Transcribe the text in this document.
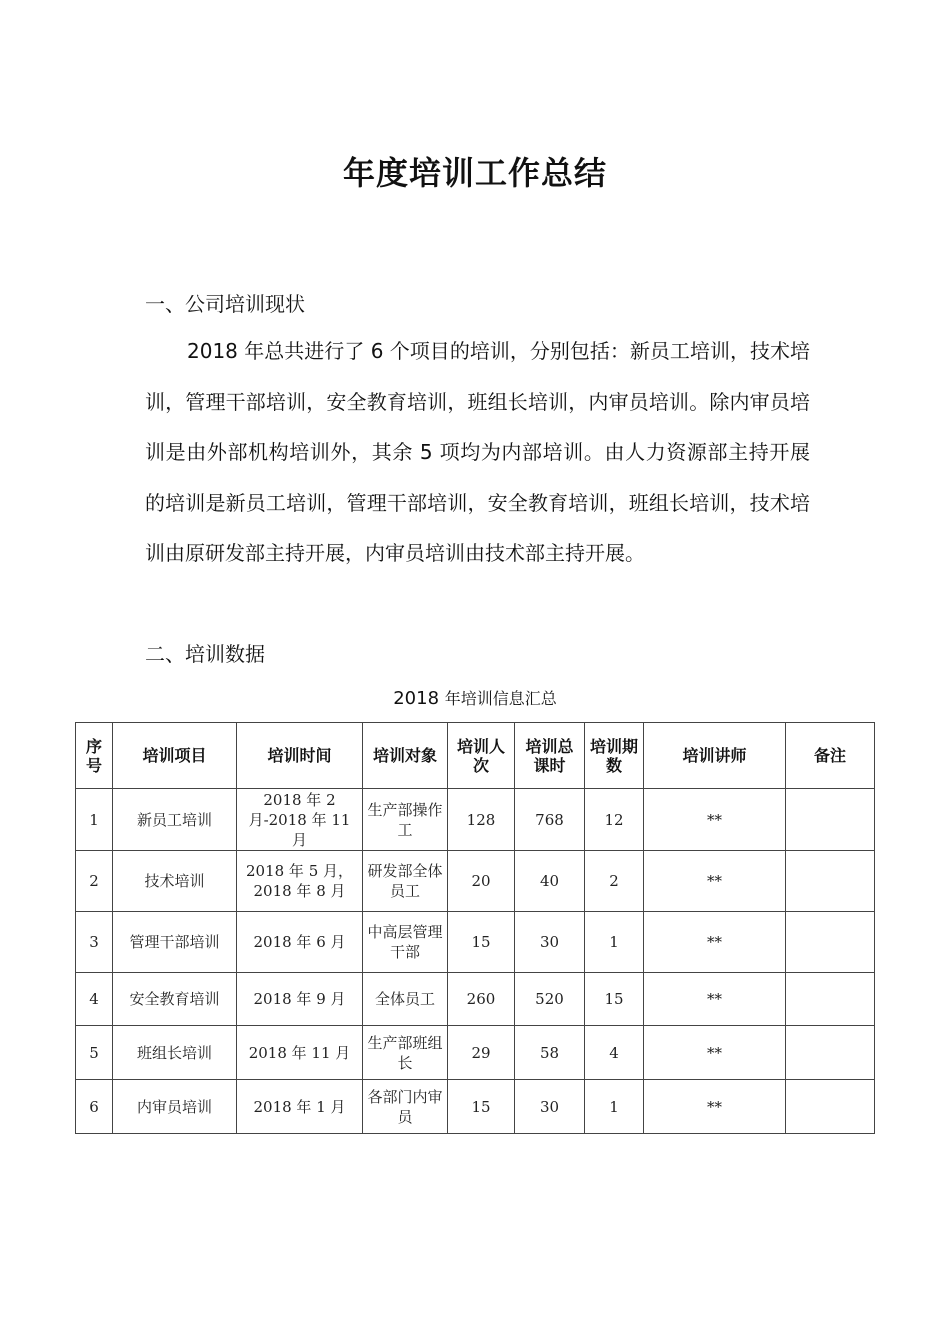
年度培训工作总结
一、公司培训现状
2018 年总共进行了 6 个项目的培训，分别包括：新员工培训，技术培训，管理干部培训，安全教育培训，班组长培训，内审员培训。除内审员培训是由外部机构培训外，其余 5 项均为内部培训。由人力资源部主持开展的培训是新员工培训，管理干部培训，安全教育培训，班组长培训，技术培训由原研发部主持开展，内审员培训由技术部主持开展。
二、培训数据
2018 年培训信息汇总
序号	培训项目	培训时间	培训对象	培训人次	培训总课时	培训期数	培训讲师	备注
1	新员工培训	2018 年 2 月-2018 年 11 月	生产部操作工	128	768	12	**	
2	技术培训	2018 年 5 月，2018 年 8 月	研发部全体员工	20	40	2	**	
3	管理干部培训	2018 年 6 月	中高层管理干部	15	30	1	**	
4	安全教育培训	2018 年 9 月	全体员工	260	520	15	**	
5	班组长培训	2018 年 11 月	生产部班组长	29	58	4	**	
6	内审员培训	2018 年 1 月	各部门内审员	15	30	1	**	
